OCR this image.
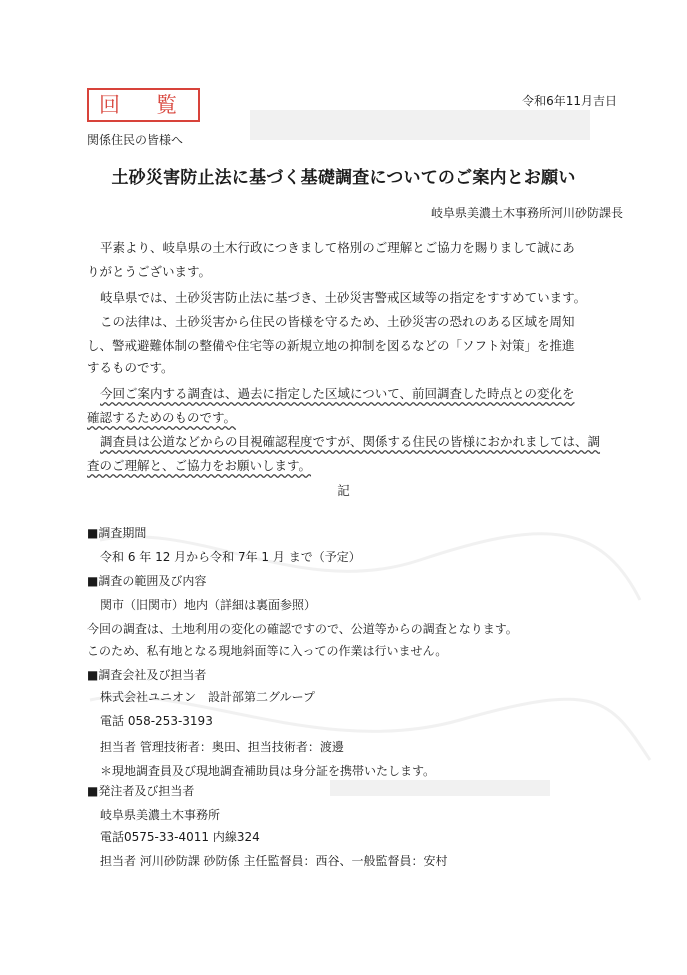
回覧	令和6年11月吉日
関係住民の皆様へ
土砂災害防止法に基づく基礎調査についてのご案内とお願い
岐阜県美濃土木事務所河川砂防課長
平素より、岐阜県の土木行政につきまして格別のご理解とご協力を賜りまして誠にあ
りがとうございます。
岐阜県では、土砂災害防止法に基づき、土砂災害警戒区域等の指定をすすめています。
この法律は、土砂災害から住民の皆様を守るため、土砂災害の恐れのある区域を周知
し、警戒避難体制の整備や住宅等の新規立地の抑制を図るなどの「ソフト対策」を推進
するものです。
今回ご案内する調査は、過去に指定した区域について、前回調査した時点との変化を
確認するためのものです。
調査員は公道などからの目視確認程度ですが、関係する住民の皆様におかれましては、調
査のご理解と、ご協力をお願いします。
記
■調査期間
令和 6 年 12 月から令和 7年 1 月 まで（予定）
■調査の範囲及び内容
関市（旧関市）地内（詳細は裏面参照）
今回の調査は、土地利用の変化の確認ですので、公道等からの調査となります。
このため、私有地となる現地斜面等に入っての作業は行いません。
■調査会社及び担当者
株式会社ユニオン　設計部第二グループ
電話 058-253-3193
担当者 管理技術者：奥田、担当技術者：渡邊
＊現地調査員及び現地調査補助員は身分証を携帯いたします。
■発注者及び担当者
岐阜県美濃土木事務所
電話0575-33-4011 内線324
担当者 河川砂防課 砂防係 主任監督員：西谷、一般監督員：安村
